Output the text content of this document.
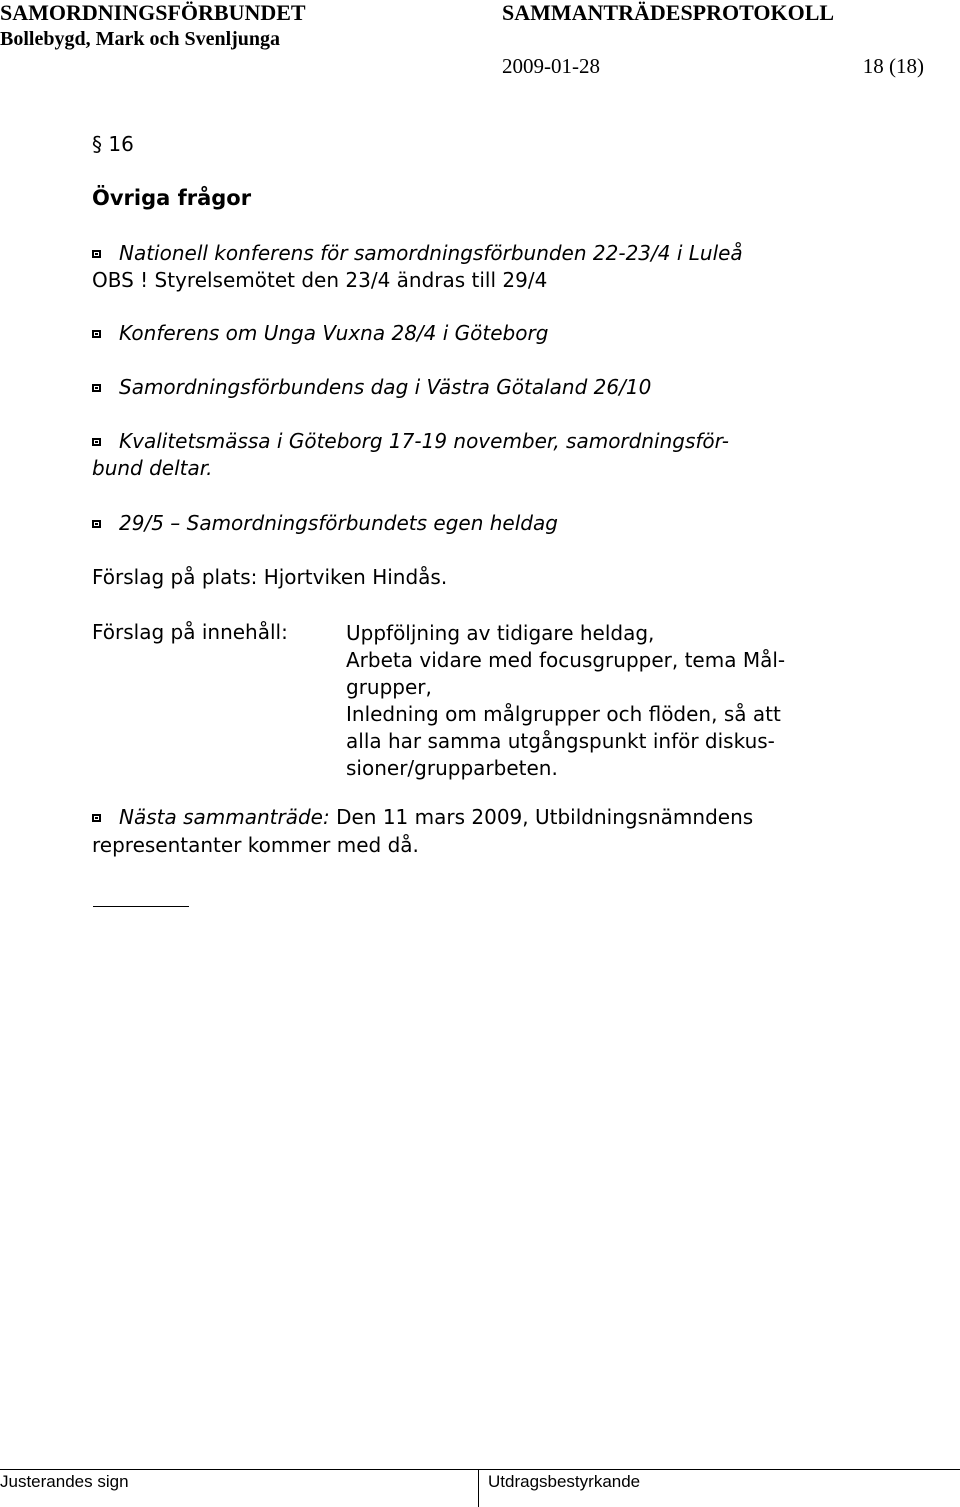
SAMORDNINGSFÖRBUNDET
Bollebygd, Mark och Svenljunga
SAMMANTRÄDESPROTOKOLL
2009-01-28	18 (18)
§ 16
Övriga frågor
Nationell konferens för samordningsförbunden 22-23/4 i Luleå
OBS ! Styrelsemötet den 23/4 ändras till 29/4
Konferens om Unga Vuxna 28/4 i Göteborg
Samordningsförbundens dag i Västra Götaland 26/10
Kvalitetsmässa i Göteborg 17-19 november, samordningsför-
bund deltar.
29/5 – Samordningsförbundets egen heldag
Förslag på plats: Hjortviken Hindås.
Förslag på innehåll:	Uppföljning av tidigare heldag,
Arbeta vidare med focusgrupper, tema Mål-
grupper,
Inledning om målgrupper och flöden, så att
alla har samma utgångspunkt inför diskus-
sioner/grupparbeten.
Nästa sammanträde: Den 11 mars 2009, Utbildningsnämndens
representanter kommer med då.
Justerandes sign	Utdragsbestyrkande
